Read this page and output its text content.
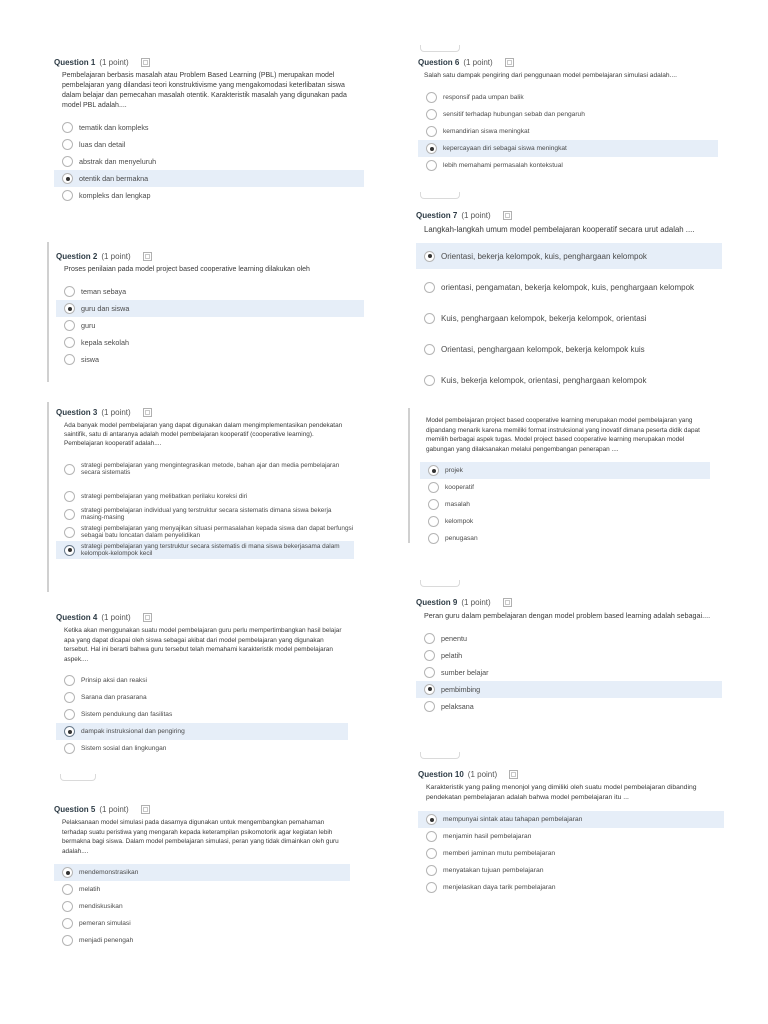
Question 1 (1 point)
Pembelajaran berbasis masalah atau Problem Based Learning (PBL) merupakan model pembelajaran yang dilandasi teori konstruktivisme yang mengakomodasi keterlibatan siswa dalam belajar dan pemecahan masalah otentik. Karakteristik masalah yang digunakan pada model PBL adalah....
tematik dan kompleks
luas dan detail
abstrak dan menyeluruh
otentik dan bermakna
kompleks dan lengkap
Question 2 (1 point)
Proses penilaian pada model project based cooperative learning dilakukan oleh
teman sebaya
guru dan siswa
guru
kepala sekolah
siswa
Question 3 (1 point)
Ada banyak model pembelajaran yang dapat digunakan dalam mengimplementasikan pendekatan saintifik, satu di antaranya adalah model pembelajaran kooperatif (cooperative learning). Pembelajaran kooperatif adalah....
strategi pembelajaran yang mengintegrasikan metode, bahan ajar dan media pembelajaran secara sistematis
strategi pembelajaran yang melibatkan perilaku koreksi diri
strategi pembelajaran individual yang terstruktur secara sistematis dimana siswa bekerja masing-masing
strategi pembelajaran yang menyajikan situasi permasalahan kepada siswa dan dapat berfungsi sebagai batu loncatan dalam penyelidikan
strategi pembelajaran yang terstruktur secara sistematis di mana siswa bekerjasama dalam kelompok-kelompok kecil
Question 4 (1 point)
Ketika akan menggunakan suatu model pembelajaran guru perlu mempertimbangkan hasil belajar apa yang dapat dicapai oleh siswa sebagai akibat dari model pembelajaran yang digunakan tersebut. Hal ini berarti bahwa guru tersebut telah memahami karakteristik model pembelajaran aspek....
Prinsip aksi dan reaksi
Sarana dan prasarana
Sistem pendukung dan fasilitas
dampak instruksional dan pengiring
Sistem sosial dan lingkungan
Question 5 (1 point)
Pelaksanaan model simulasi pada dasarnya digunakan untuk mengembangkan pemahaman terhadap suatu peristiwa yang mengarah kepada keterampilan psikomotorik agar kegiatan lebih bermakna bagi siswa. Dalam model pembelajaran simulasi, peran yang tidak dimainkan oleh guru adalah....
mendemonstrasikan
melatih
mendiskusikan
pemeran simulasi
menjadi penengah
Question 6 (1 point)
Salah satu dampak pengiring dari penggunaan model pembelajaran simulasi adalah....
responsif pada umpan balik
sensitif terhadap hubungan sebab dan pengaruh
kemandirian siswa meningkat
kepercayaan diri sebagai siswa meningkat
lebih memahami permasalah kontekstual
Question 7 (1 point)
Langkah-langkah umum model pembelajaran kooperatif secara urut adalah ....
Orientasi, bekerja kelompok, kuis, penghargaan kelompok
orientasi, pengamatan, bekerja kelompok, kuis, penghargaan kelompok
Kuis, penghargaan kelompok, bekerja kelompok, orientasi
Orientasi, penghargaan kelompok, bekerja kelompok kuis
Kuis, bekerja kelompok, orientasi, penghargaan kelompok
Model pembelajaran project based cooperative learning merupakan model pembelajaran yang dipandang menarik karena memiliki format instruksional yang inovatif dimana peserta didik dapat memilih berbagai aspek tugas. Model project based cooperative learning merupakan model gabungan yang dilaksanakan melalui pengembangan penerapan ....
projek
kooperatif
masalah
kelompok
penugasan
Question 9 (1 point)
Peran guru dalam pembelajaran dengan model problem based learning adalah sebagai....
penentu
pelatih
sumber belajar
pembimbing
pelaksana
Question 10 (1 point)
Karakteristik yang paling menonjol yang dimiliki oleh suatu model pembelajaran dibanding pendekatan pembelajaran adalah bahwa model pembelajaran itu ...
mempunyai sintak atau tahapan pembelajaran
menjamin hasil pembelajaran
memberi jaminan mutu pembelajaran
menyatakan tujuan pembelajaran
menjelaskan daya tarik pembelajaran
